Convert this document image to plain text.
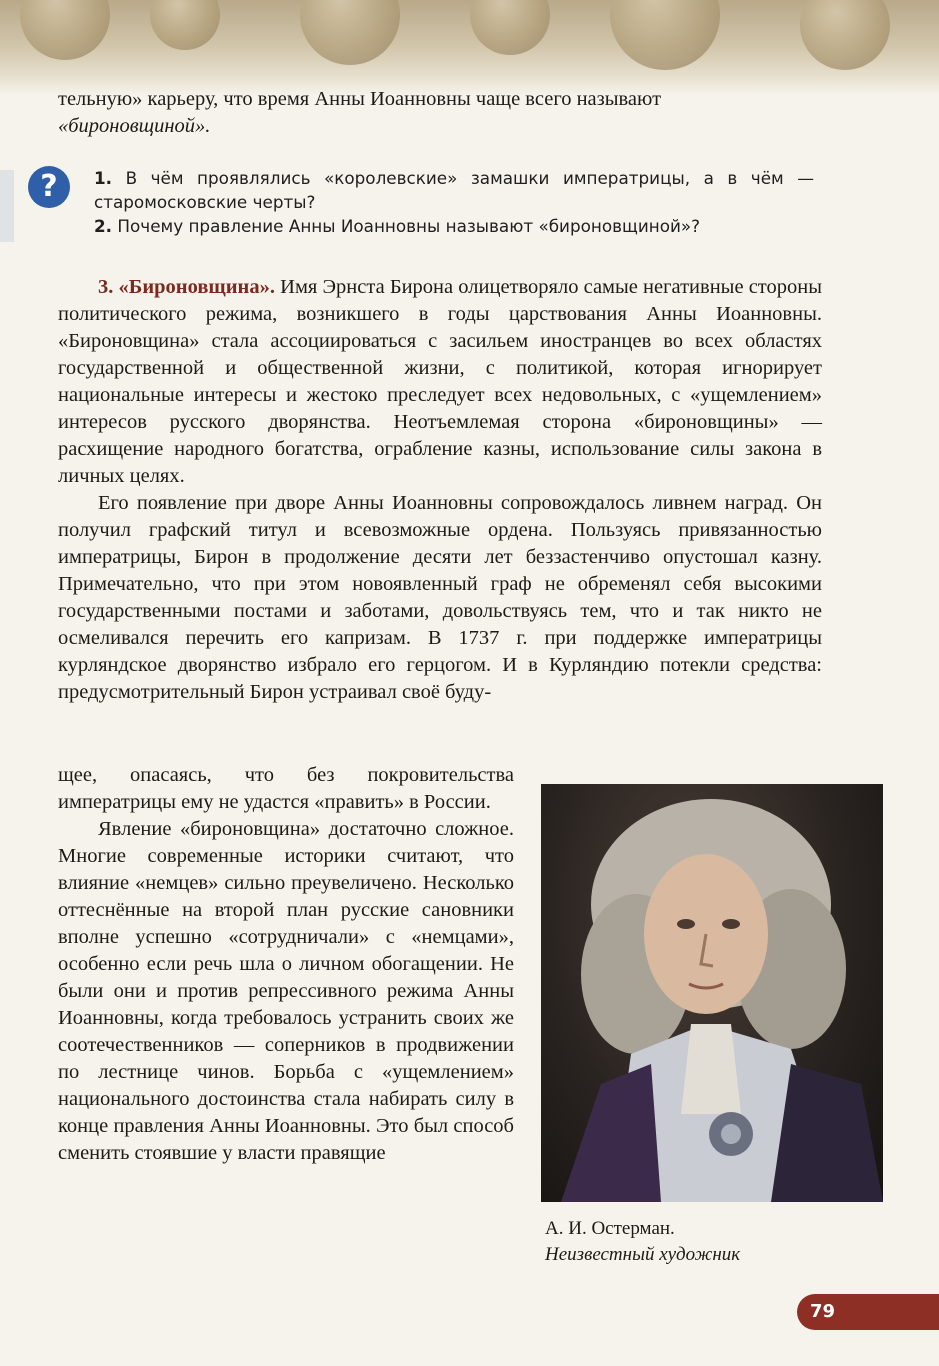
тельную» карьеру, что время Анны Иоанновны чаще всего называют
«бироновщиной».
?	1. В чём проявлялись «королевские» замашки императрицы, а в чём — старомосковские черты?
2. Почему правление Анны Иоанновны называют «бироновщиной»?

3. «Бироновщина». Имя Эрнста Бирона олицетворяло самые негативные стороны политического режима, возникшего в годы царствования Анны Иоанновны. «Бироновщина» стала ассоциироваться с засильем иностранцев во всех областях государственной и общественной жизни, с политикой, которая игнорирует национальные интересы и жестоко преследует всех недовольных, с «ущемлением» интересов русского дворянства. Неотъемлемая сторона «бироновщины» — расхищение народного богатства, ограбление казны, использование силы закона в личных целях.

Его появление при дворе Анны Иоанновны сопровождалось ливнем наград. Он получил графский титул и всевозможные ордена. Пользуясь привязанностью императрицы, Бирон в продолжение десяти лет беззастенчиво опустошал казну. Примечательно, что при этом новоявленный граф не обременял себя высокими государственными постами и заботами, довольствуясь тем, что и так никто не осмеливался перечить его капризам. В 1737 г. при поддержке императрицы курляндское дворянство избрало его герцогом. И в Курляндию потекли средства: предусмотрительный Бирон устраивал своё буду-

щее, опасаясь, что без покровительства императрицы ему не удастся «править» в России.

Явление «бироновщина» достаточно сложное. Многие современные историки считают, что влияние «немцев» сильно преувеличено. Несколько оттеснённые на второй план русские сановники вполне успешно «сотрудничали» с «немцами», особенно если речь шла о личном обогащении. Не были они и против репрессивного режима Анны Иоанновны, когда требовалось устранить своих же соотечественников — соперников в продвижении по лестнице чинов. Борьба с «ущемлением» национального достоинства стала набирать силу в конце правления Анны Иоанновны. Это был способ сменить стоявшие у власти правящие

А. И. Остерман.
Неизвестный художник
79
